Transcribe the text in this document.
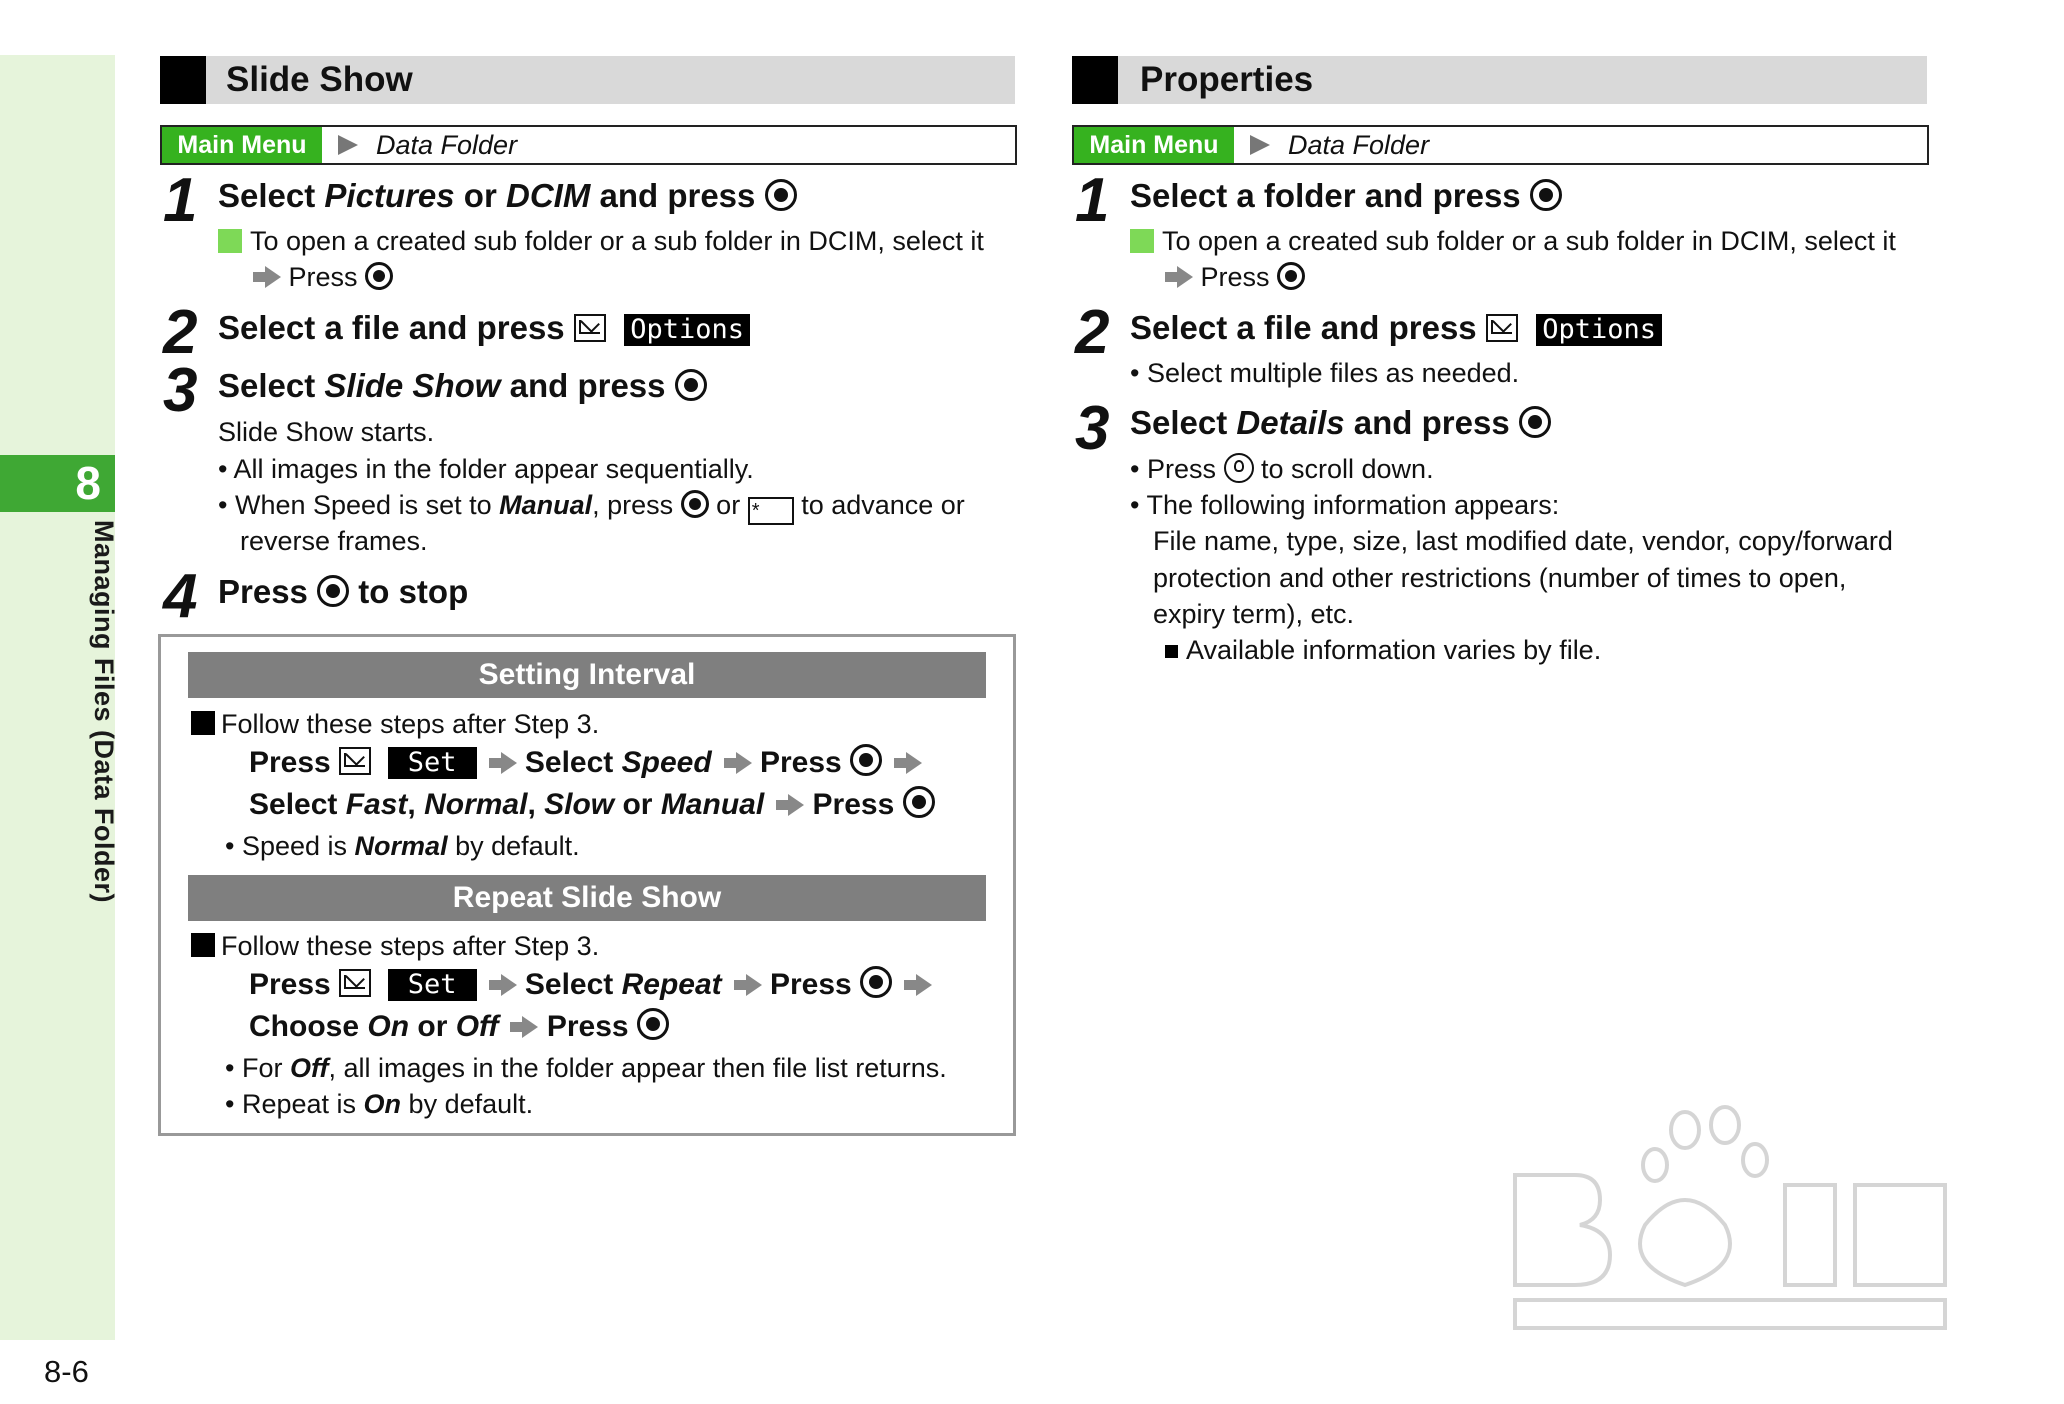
8
Managing Files (Data Folder)
8-6
Slide Show
Main Menu	Data Folder
1 Select Pictures or DCIM and press
To open a created sub folder or a sub folder in DCIM, select it
Press
2 Select a file and press   Options
3 Select Slide Show and press
Slide Show starts.
• All images in the folder appear sequentially.
• When Speed is set to Manual, press  or * to advance or
reverse frames.
4 Press  to stop
Setting Interval
Follow these steps after Step 3.
Press	Set Select Speed Press
Select Fast, Normal, Slow or Manual Press
• Speed is Normal by default.
Repeat Slide Show
Follow these steps after Step 3.
Press	Set Select Repeat Press
Choose On or Off Press
• For Off, all images in the folder appear then file list returns.
• Repeat is On by default.
Properties
Main Menu	Data Folder
1 Select a folder and press
To open a created sub folder or a sub folder in DCIM, select it
Press
2 Select a file and press   Options
• Select multiple files as needed.
3 Select Details and press
• Press  to scroll down.
• The following information appears:
File name, type, size, last modified date, vendor, copy/forward
protection and other restrictions (number of times to open,
expiry term), etc.
Available information varies by file.
